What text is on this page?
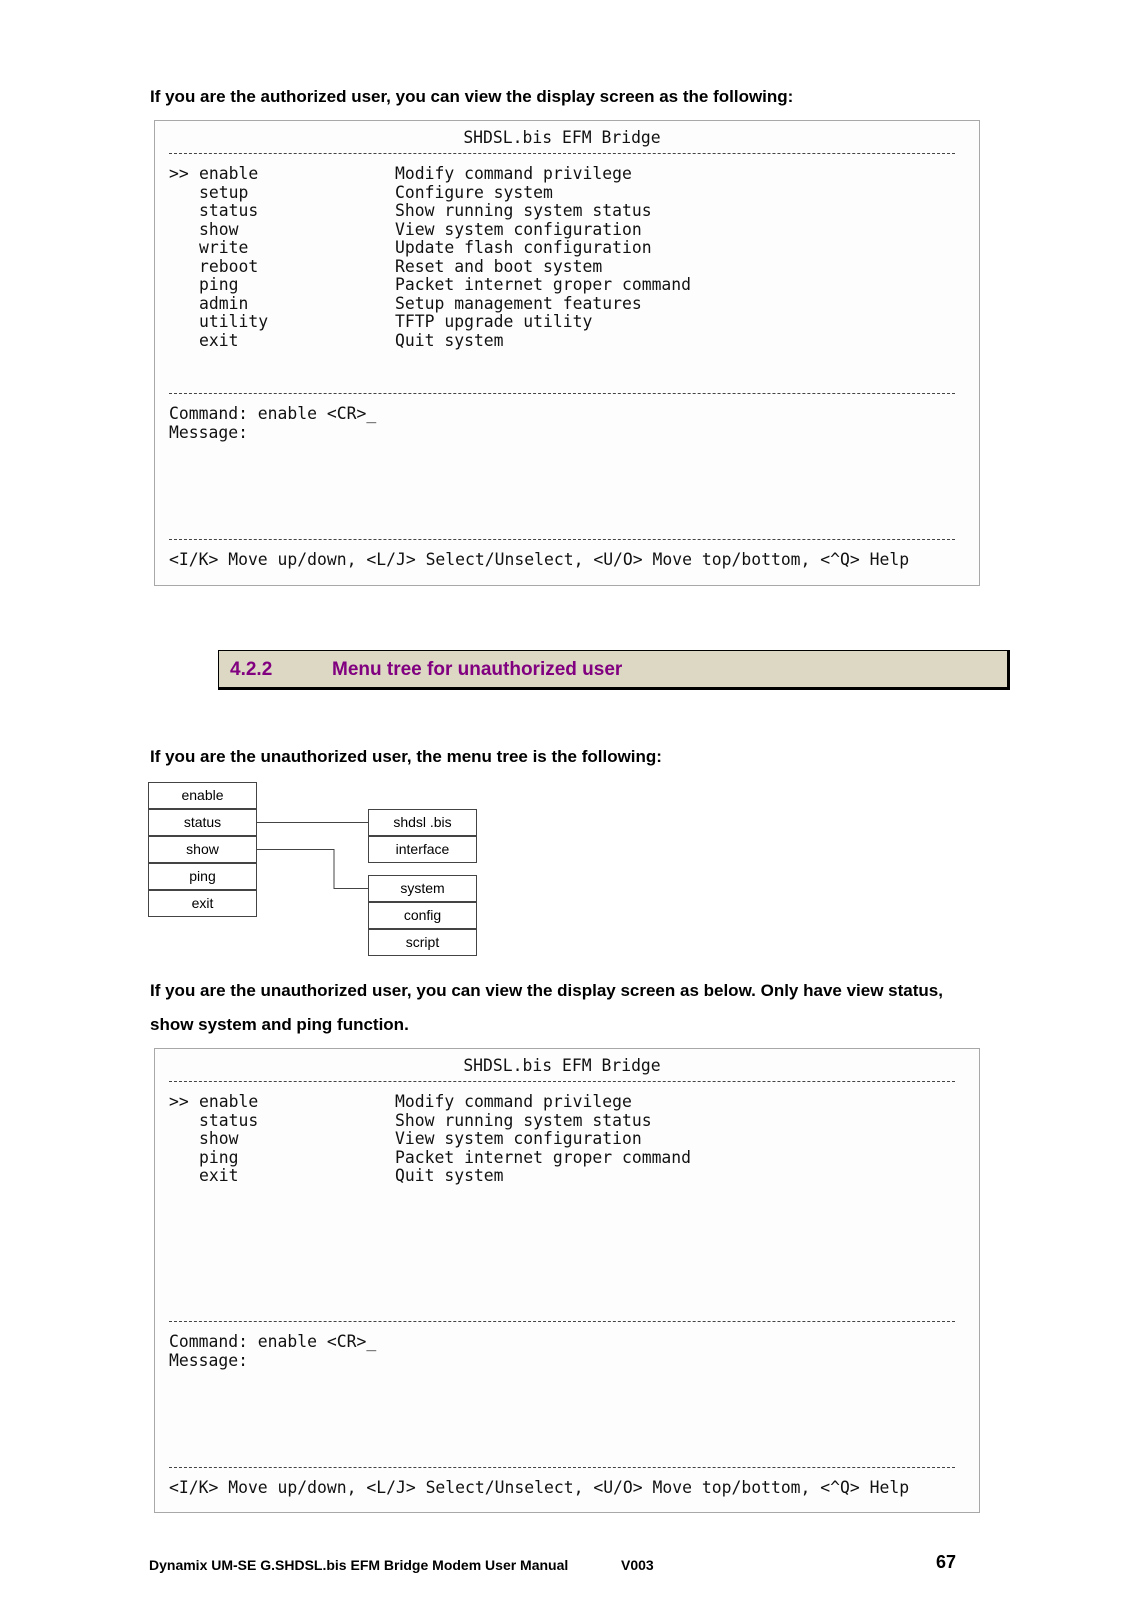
If you are the authorized user, you can view the display screen as the following:

SHDSL.bis EFM Bridge
>> enable	Modify command privilege
setup	Configure system
status	Show running system status
show	View system configuration
write	Update flash configuration
reboot	Reset and boot system
ping	Packet internet groper command
admin	Setup management features
utility	TFTP upgrade utility
exit	Quit system
Command: enable <CR>_
Message:
<I/K> Move up/down, <L/J> Select/Unselect, <U/O> Move top/bottom, <^Q> Help
4.2.2	Menu tree for unauthorized user

If you are the unauthorized user, the menu tree is the following:

enable
status
show
ping
exit
shdsl .bis
interface
system
config
script

If you are the unauthorized user, you can view the display screen as below. Only have view status, show system and ping function.

SHDSL.bis EFM Bridge
>> enable	Modify command privilege
status	Show running system status
show	View system configuration
ping	Packet internet groper command
exit	Quit system
Command: enable <CR>_
Message:
<I/K> Move up/down, <L/J> Select/Unselect, <U/O> Move top/bottom, <^Q> Help
Dynamix UM-SE G.SHDSL.bis EFM Bridge Modem User Manual	V003	67
